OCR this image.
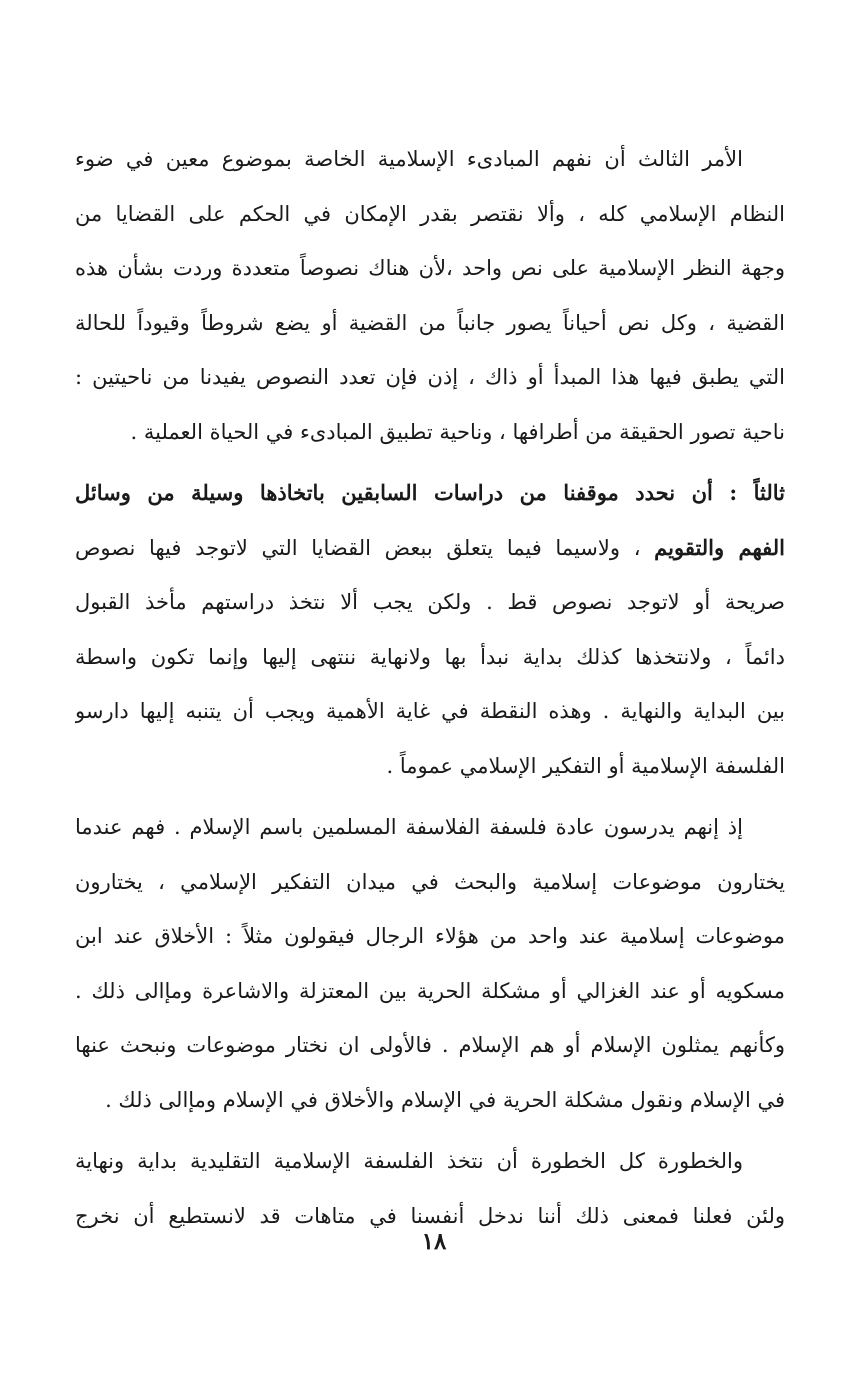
الأمر الثالث أن نفهم المبادىء الإسلامية الخاصة بموضوع معين في ضوء
النظام الإسلامي كله ، وألا نقتصر بقدر الإمكان في الحكم على القضايا من
وجهة النظر الإسلامية على نص واحد ،لأن هناك نصوصاً متعددة وردت بشأن هذه
القضية ، وكل نص أحياناً يصور جانباً من القضية أو يضع شروطاً وقيوداً للحالة
التي يطبق فيها هذا المبدأ أو ذاك ، إذن فإن تعدد النصوص يفيدنا من ناحيتين :
ناحية تصور الحقيقة من أطرافها ، وناحية تطبيق المبادىء في الحياة العملية .
ثالثاً : أن نحدد موقفنا من دراسات السابقين باتخاذها وسيلة من وسائل
الفهم والتقويم ، ولاسيما فيما يتعلق ببعض القضايا التي لاتوجد فيها نصوص
صريحة أو لاتوجد نصوص قط . ولكن يجب ألا نتخذ دراستهم مأخذ القبول
دائماً ، ولانتخذها كذلك بداية نبدأ بها ولانهاية ننتهى إليها وإنما تكون واسطة
بين البداية والنهاية . وهذه النقطة في غاية الأهمية ويجب أن يتنبه إليها دارسو
الفلسفة الإسلامية أو التفكير الإسلامي عموماً .
إذ إنهم يدرسون عادة فلسفة الفلاسفة المسلمين باسم الإسلام . فهم عندما
يختارون موضوعات إسلامية والبحث في ميدان التفكير الإسلامي ، يختارون
موضوعات إسلامية عند واحد من هؤلاء الرجال فيقولون مثلاً : الأخلاق عند ابن
مسكويه أو عند الغزالي أو مشكلة الحرية بين المعتزلة والاشاعرة ومإالى ذلك .
وكأنهم يمثلون الإسلام أو هم الإسلام . فالأولى ان نختار موضوعات ونبحث عنها
في الإسلام ونقول مشكلة الحرية في الإسلام والأخلاق في الإسلام ومإالى ذلك .
والخطورة كل الخطورة أن نتخذ الفلسفة الإسلامية التقليدية بداية ونهاية
ولئن فعلنا فمعنى ذلك أننا ندخل أنفسنا في متاهات قد لانستطيع أن نخرج
١٨
